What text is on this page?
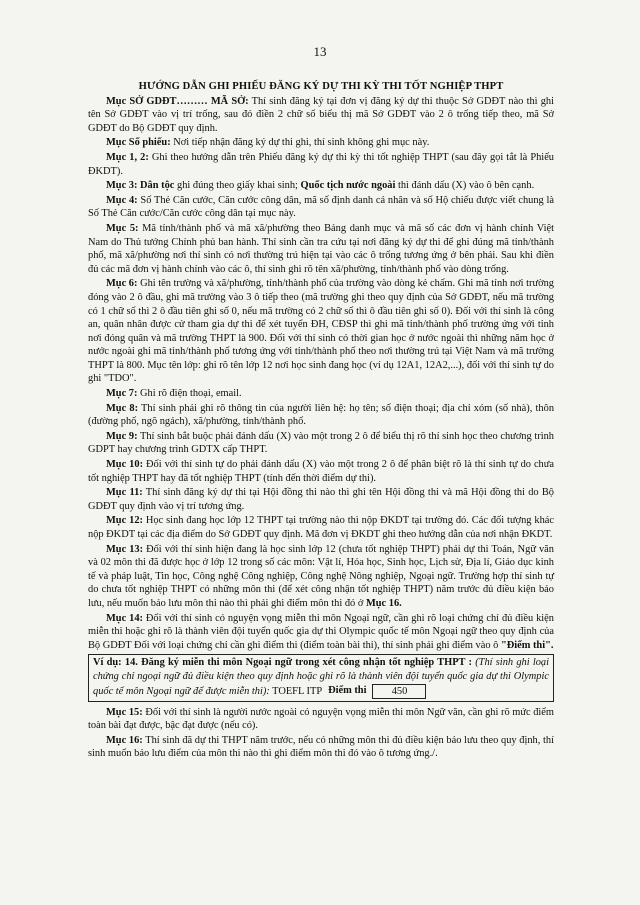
13

HƯỚNG DẪN GHI PHIẾU ĐĂNG KÝ DỰ THI KỲ THI TỐT NGHIỆP THPT

Mục SỞ GDĐT……… MÃ SỞ: Thí sinh đăng ký tại đơn vị đăng ký dự thi thuộc Sở GDĐT nào thì ghi tên Sở GDĐT vào vị trí trống, sau đó điền 2 chữ số biểu thị mã Sở GDĐT vào 2 ô trống tiếp theo, mã Sở GDĐT do Bộ GDĐT quy định.

Mục Số phiếu: Nơi tiếp nhận đăng ký dự thi ghi, thí sinh không ghi mục này.

Mục 1, 2: Ghi theo hướng dẫn trên Phiếu đăng ký dự thi kỳ thi tốt nghiệp THPT (sau đây gọi tắt là Phiếu ĐKDT).

Mục 3: Dân tộc ghi đúng theo giấy khai sinh; Quốc tịch nước ngoài thì đánh dấu (X) vào ô bên cạnh.

Mục 4: Số Thẻ Căn cước, Căn cước công dân, mã số định danh cá nhân và số Hộ chiếu được viết chung là Số Thẻ Căn cước/Căn cước công dân tại mục này.

Mục 5: Mã tỉnh/thành phố và mã xã/phường theo Bảng danh mục và mã số các đơn vị hành chính Việt Nam do Thủ tướng Chính phủ ban hành. Thí sinh cần tra cứu tại nơi đăng ký dự thi để ghi đúng mã tỉnh/thành phố, mã xã/phường nơi thí sinh có nơi thường trú hiện tại vào các ô trống tương ứng ở bên phải. Sau khi điền đủ các mã đơn vị hành chính vào các ô, thí sinh ghi rõ tên xã/phường, tỉnh/thành phố vào dòng trống.

Mục 6: Ghi tên trường và xã/phường, tỉnh/thành phố của trường vào dòng kẻ chấm. Ghi mã tỉnh nơi trường đóng vào 2 ô đầu, ghi mã trường vào 3 ô tiếp theo (mã trường ghi theo quy định của Sở GDĐT, nếu mã trường có 1 chữ số thì 2 ô đầu tiên ghi số 0, nếu mã trường có 2 chữ số thì ô đầu tiên ghi số 0). Đối với thí sinh là công an, quân nhân được cử tham gia dự thi để xét tuyển ĐH, CĐSP thì ghi mã tỉnh/thành phố trường ứng với tỉnh nơi đóng quân và mã trường THPT là 900. Đối với thí sinh có thời gian học ở nước ngoài thì những năm học ở nước ngoài ghi mã tỉnh/thành phố tương ứng với tỉnh/thành phố theo nơi thường trú tại Việt Nam và mã trường THPT là 800. Mục tên lớp: ghi rõ tên lớp 12 nơi học sinh đang học (ví dụ 12A1, 12A2,...), đối với thí sinh tự do ghi "TDO".

Mục 7: Ghi rõ điện thoại, email.

Mục 8: Thí sinh phải ghi rõ thông tin của người liên hệ: họ tên; số điện thoại; địa chỉ xóm (số nhà), thôn (đường phố, ngõ ngách), xã/phường, tỉnh/thành phố.

Mục 9: Thí sinh bắt buộc phải đánh dấu (X) vào một trong 2 ô để biểu thị rõ thí sinh học theo chương trình GDPT hay chương trình GDTX cấp THPT.

Mục 10: Đối với thí sinh tự do phải đánh dấu (X) vào một trong 2 ô để phân biệt rõ là thí sinh tự do chưa tốt nghiệp THPT hay đã tốt nghiệp THPT (tính đến thời điểm dự thi).

Mục 11: Thí sinh đăng ký dự thi tại Hội đồng thi nào thì ghi tên Hội đồng thi và mã Hội đồng thi do Bộ GDĐT quy định vào vị trí tương ứng.

Mục 12: Học sinh đang học lớp 12 THPT tại trường nào thì nộp ĐKDT tại trường đó. Các đối tượng khác nộp ĐKDT tại các địa điểm do Sở GDĐT quy định. Mã đơn vị ĐKDT ghi theo hướng dẫn của nơi nhận ĐKDT.

Mục 13: Đối với thí sinh hiện đang là học sinh lớp 12 (chưa tốt nghiệp THPT) phải dự thi Toán, Ngữ văn và 02 môn thi đã được học ở lớp 12 trong số các môn: Vật lí, Hóa học, Sinh học, Lịch sử, Địa lí, Giáo dục kinh tế và pháp luật, Tin học, Công nghệ Công nghiệp, Công nghệ Nông nghiệp, Ngoại ngữ. Trường hợp thí sinh tự do chưa tốt nghiệp THPT có những môn thi (để xét công nhận tốt nghiệp THPT) năm trước đủ điều kiện bảo lưu, nếu muốn bảo lưu môn thi nào thì phải ghi điểm môn thi đó ở Mục 16.

Mục 14: Đối với thí sinh có nguyện vọng miễn thi môn Ngoại ngữ, cần ghi rõ loại chứng chỉ đủ điều kiện miễn thi hoặc ghi rõ là thành viên đội tuyển quốc gia dự thi Olympic quốc tế môn Ngoại ngữ theo quy định của Bộ GDĐT Đối với loại chứng chỉ cần ghi điểm thi (điểm toàn bài thi), thí sinh phải ghi điểm vào ô "Điểm thi".

Ví dụ: 14. Đăng ký miễn thi môn Ngoại ngữ trong xét công nhận tốt nghiệp THPT : (Thí sinh ghi loại chứng chỉ ngoại ngữ đủ điều kiện theo quy định hoặc ghi rõ là thành viên đội tuyển quốc gia dự thi Olympic quốc tế môn Ngoại ngữ để được miễn thi): TOEFL ITP Điểm thi 450

Mục 15: Đối với thí sinh là người nước ngoài có nguyện vọng miễn thi môn Ngữ văn, cần ghi rõ mức điểm toàn bài đạt được, bậc đạt được (nếu có).

Mục 16: Thí sinh đã dự thi THPT năm trước, nếu có những môn thi đủ điều kiện bảo lưu theo quy định, thí sinh muốn bảo lưu điểm của môn thi nào thì ghi điểm môn thi đó vào ô tương ứng./.
